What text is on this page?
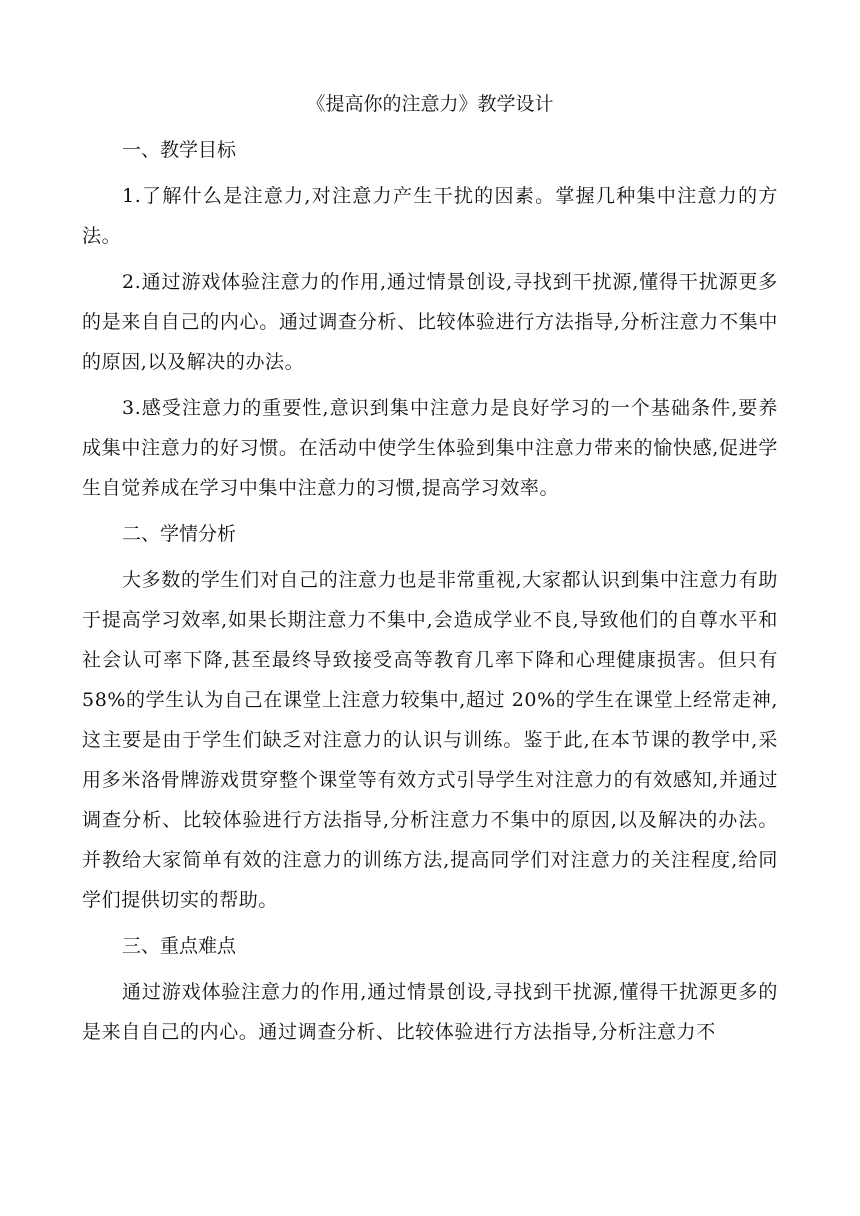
《提高你的注意力》教学设计
一、教学目标

1.了解什么是注意力,对注意力产生干扰的因素。掌握几种集中注意力的方法。

2.通过游戏体验注意力的作用,通过情景创设,寻找到干扰源,懂得干扰源更多的是来自自己的内心。通过调查分析、比较体验进行方法指导,分析注意力不集中的原因,以及解决的办法。

3.感受注意力的重要性,意识到集中注意力是良好学习的一个基础条件,要养成集中注意力的好习惯。在活动中使学生体验到集中注意力带来的愉快感,促进学生自觉养成在学习中集中注意力的习惯,提高学习效率。

二、学情分析

大多数的学生们对自己的注意力也是非常重视,大家都认识到集中注意力有助于提高学习效率,如果长期注意力不集中,会造成学业不良,导致他们的自尊水平和社会认可率下降,甚至最终导致接受高等教育几率下降和心理健康损害。但只有 58%的学生认为自己在课堂上注意力较集中,超过 20%的学生在课堂上经常走神,这主要是由于学生们缺乏对注意力的认识与训练。鉴于此,在本节课的教学中,采用多米洛骨牌游戏贯穿整个课堂等有效方式引导学生对注意力的有效感知,并通过调查分析、比较体验进行方法指导,分析注意力不集中的原因,以及解决的办法。并教给大家简单有效的注意力的训练方法,提高同学们对注意力的关注程度,给同学们提供切实的帮助。

三、重点难点

通过游戏体验注意力的作用,通过情景创设,寻找到干扰源,懂得干扰源更多的是来自自己的内心。通过调查分析、比较体验进行方法指导,分析注意力不
